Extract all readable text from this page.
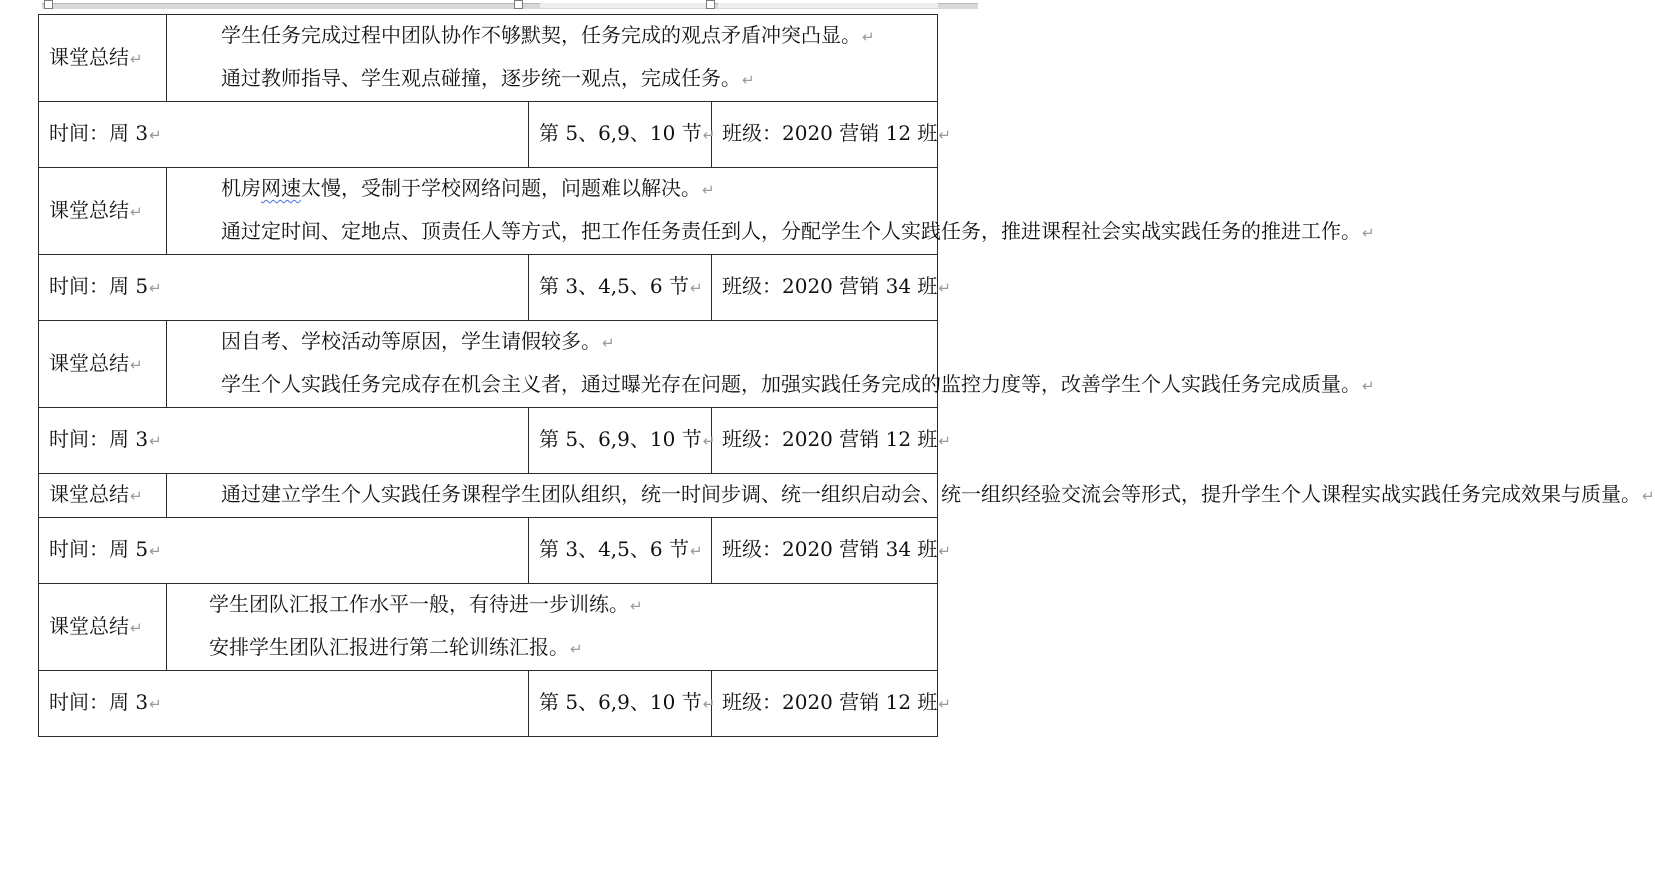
课堂总结↵	学生任务完成过程中团队协作不够默契，任务完成的观点矛盾冲突凸显。↵

通过教师指导、学生观点碰撞，逐步统一观点，完成任务。↵		

时间：周 3↵		第 5、6,9、10 节↵	班级：2020 营销 12 班↵
课堂总结↵	机房网速太慢，受制于学校网络问题，问题难以解决。↵

通过定时间、定地点、顶责任人等方式，把工作任务责任到人，分配学生个人实践任务，推进课程社会实战实践任务的推进工作。↵		

时间：周 5↵		第 3、4,5、6 节↵	班级：2020 营销 34 班↵
课堂总结↵	因自考、学校活动等原因，学生请假较多。↵

学生个人实践任务完成存在机会主义者，通过曝光存在问题，加强实践任务完成的监控力度等，改善学生个人实践任务完成质量。↵		

时间：周 3↵		第 5、6,9、10 节↵	班级：2020 营销 12 班↵
课堂总结↵	通过建立学生个人实践任务课程学生团队组织，统一时间步调、统一组织启动会、统一组织经验交流会等形式，提升学生个人课程实战实践任务完成效果与质量。↵		

时间：周 5↵		第 3、4,5、6 节↵	班级：2020 营销 34 班↵
课堂总结↵	学生团队汇报工作水平一般，有待进一步训练。↵

安排学生团队汇报进行第二轮训练汇报。↵		

时间：周 3↵		第 5、6,9、10 节↵	班级：2020 营销 12 班↵
